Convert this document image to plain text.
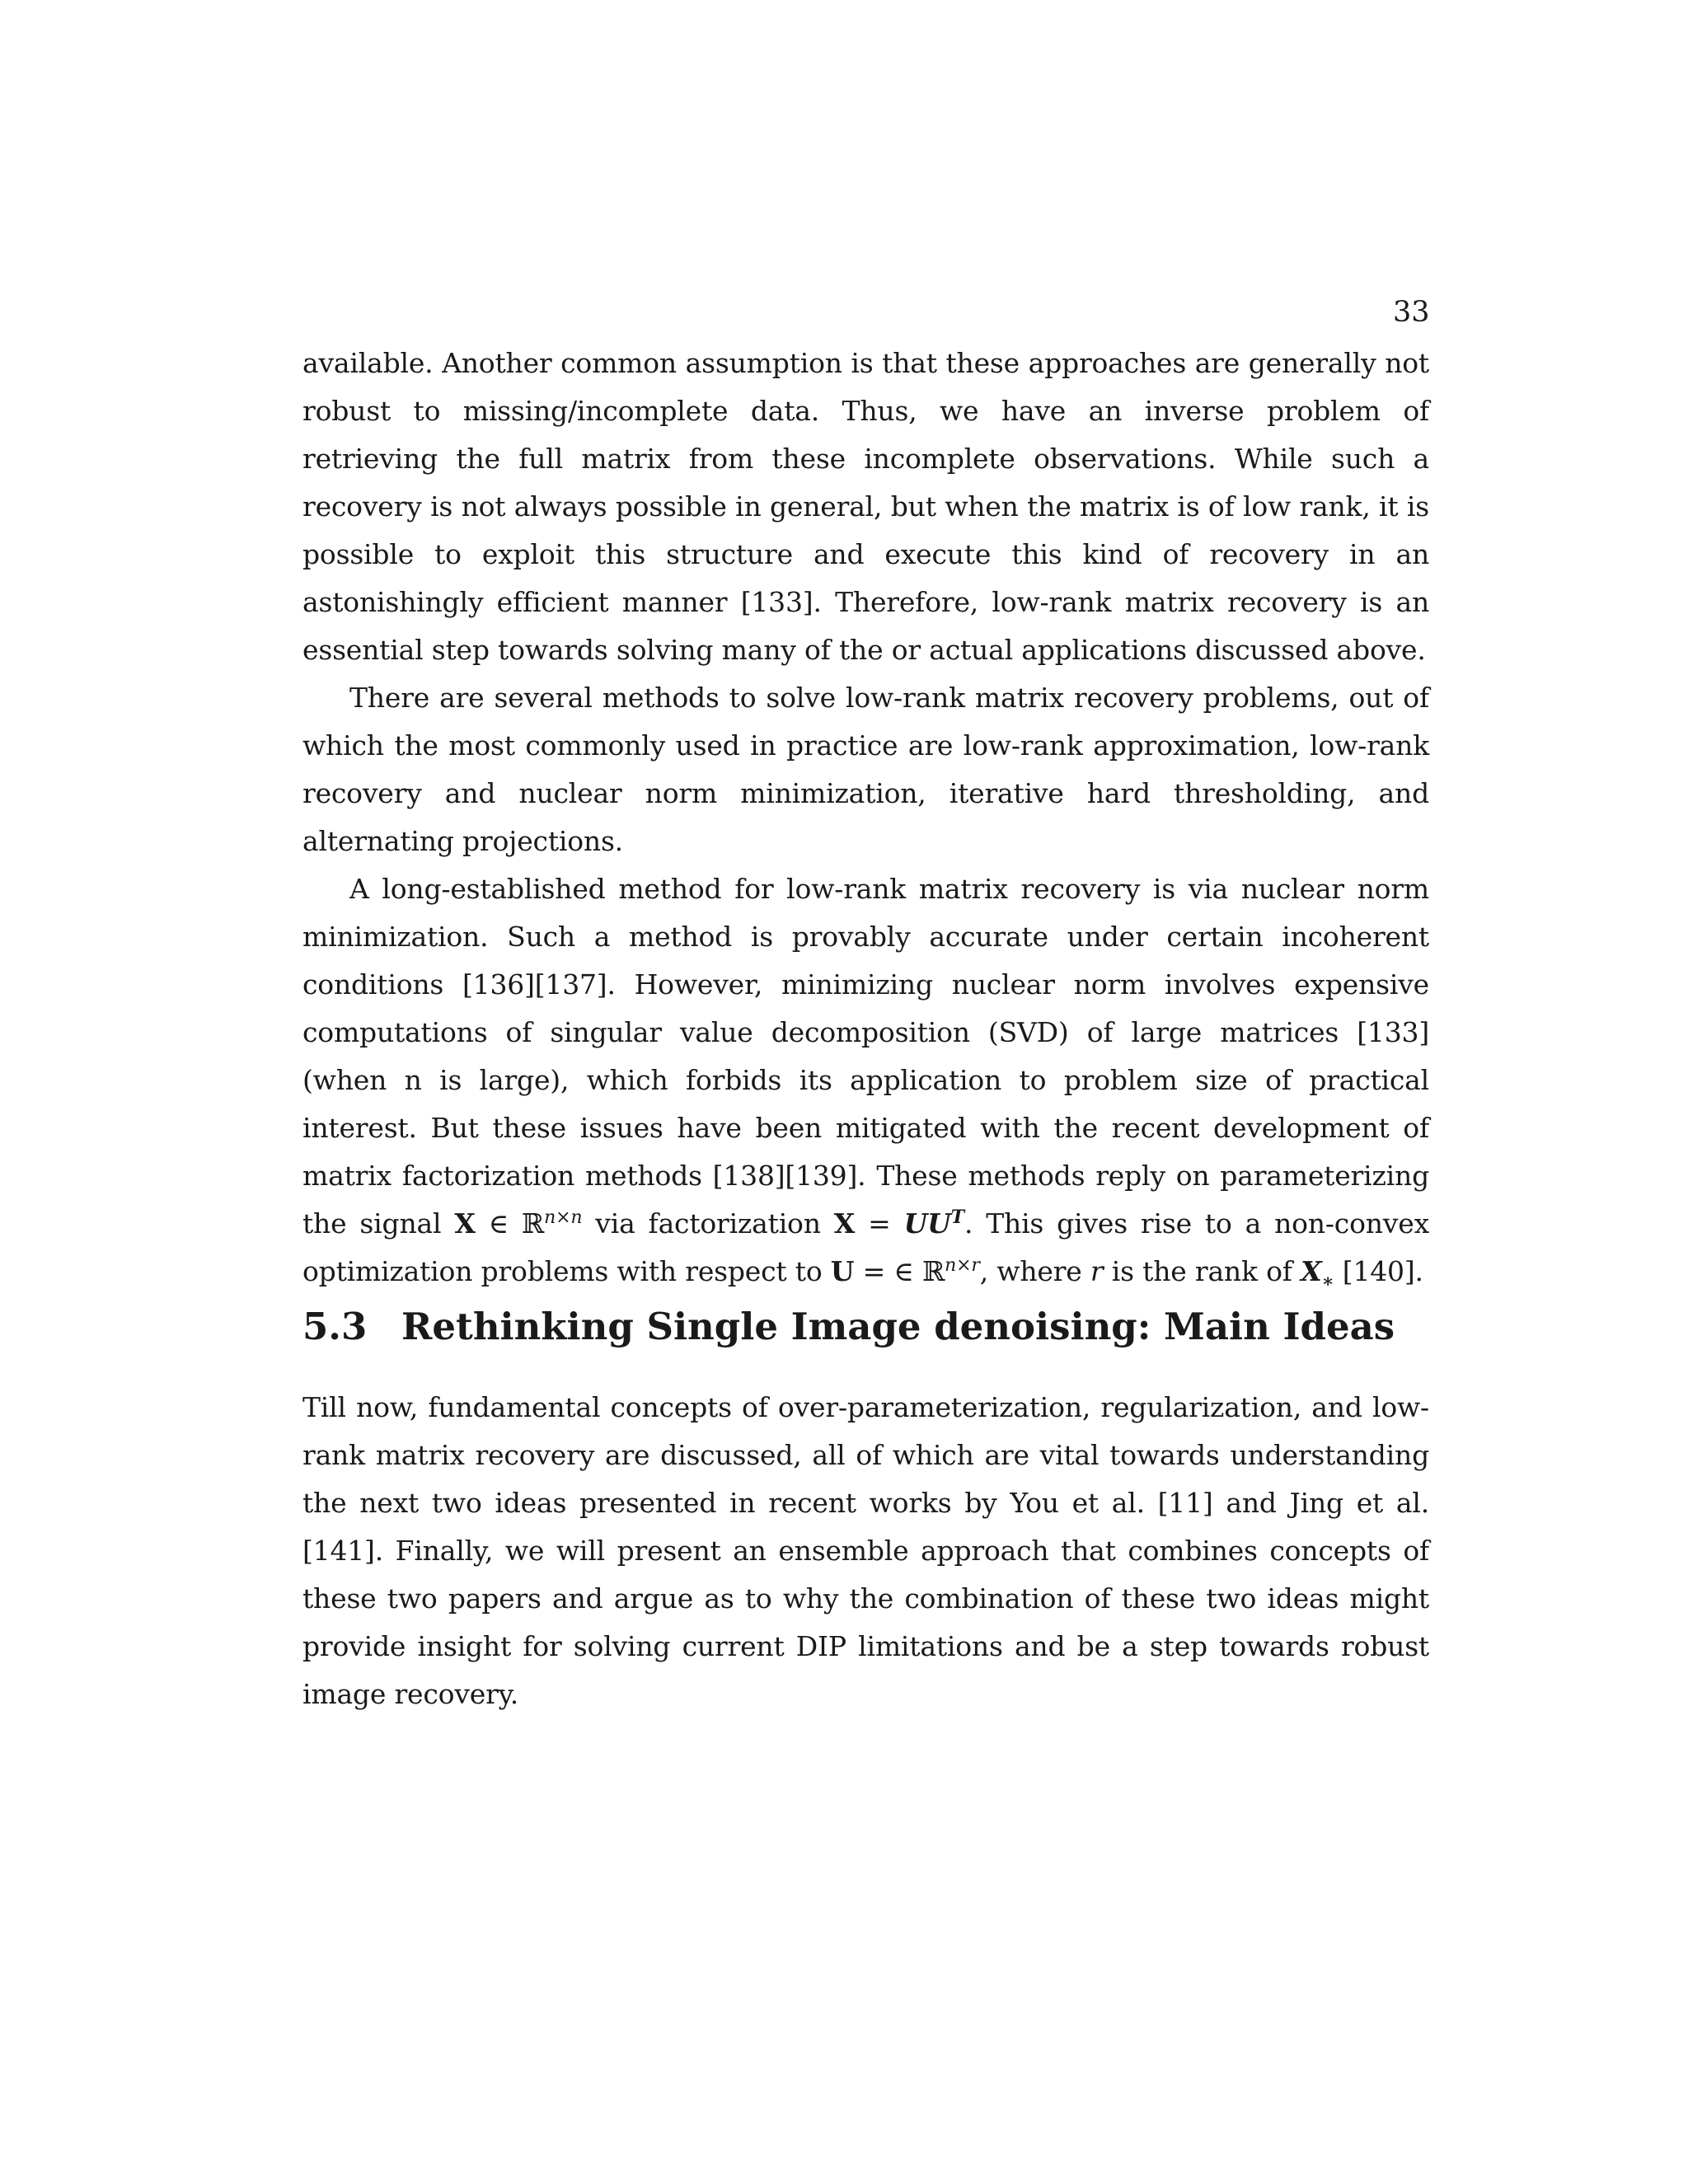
33

available. Another common assumption is that these approaches are generally not robust to missing/incomplete data. Thus, we have an inverse problem of retrieving the full matrix from these incomplete observations. While such a recovery is not always possible in general, but when the matrix is of low rank, it is possible to exploit this structure and execute this kind of recovery in an astonishingly efficient manner [133]. Therefore, low-rank matrix recovery is an essential step towards solving many of the or actual applications discussed above.

There are several methods to solve low-rank matrix recovery problems, out of which the most commonly used in practice are low-rank approximation, low-rank recovery and nuclear norm minimization, iterative hard thresholding, and alternating projections.

A long-established method for low-rank matrix recovery is via nuclear norm minimization. Such a method is provably accurate under certain incoherent conditions [136][137]. However, minimizing nuclear norm involves expensive computations of singular value decomposition (SVD) of large matrices [133] (when n is large), which forbids its application to problem size of practical interest. But these issues have been mitigated with the recent development of matrix factorization methods [138][139]. These methods reply on parameterizing the signal X ∈ ℝ$^{n\times n}$ via factorization $X = UU^T$. This gives rise to a non-convex optimization problems with respect to U = ∈ ℝ$^{n\times r}$, where r is the rank of $X_∗$ [140].

5.3 Rethinking Single Image denoising: Main Ideas

Till now, fundamental concepts of over-parameterization, regularization, and low-rank matrix recovery are discussed, all of which are vital towards understanding the next two ideas presented in recent works by You et al. [11] and Jing et al. [141]. Finally, we will present an ensemble approach that combines concepts of these two papers and argue as to why the combination of these two ideas might provide insight for solving current DIP limitations and be a step towards robust image recovery.
